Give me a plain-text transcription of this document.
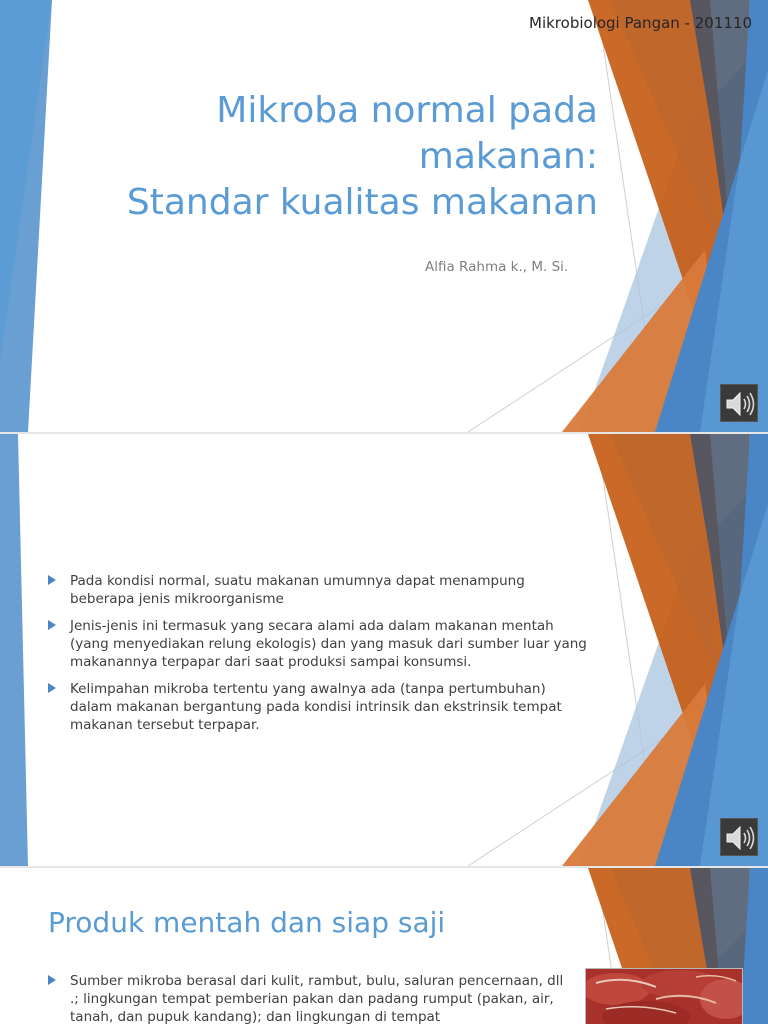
Mikrobiologi Pangan - 201110
Mikroba normal pada
makanan:
Standar kualitas makanan
Alfia Rahma k., M. Si.
Pada kondisi normal, suatu makanan umumnya dapat menampung beberapa jenis mikroorganisme
Jenis-jenis ini termasuk yang secara alami ada dalam makanan mentah (yang menyediakan relung ekologis) dan yang masuk dari sumber luar yang makanannya terpapar dari saat produksi sampai konsumsi.
Kelimpahan mikroba tertentu yang awalnya ada (tanpa pertumbuhan) dalam makanan bergantung pada kondisi intrinsik dan ekstrinsik tempat makanan tersebut terpapar.
Produk mentah dan siap saji
Sumber mikroba berasal dari kulit, rambut, bulu, saluran pencernaan, dll .; lingkungan tempat pemberian pakan dan padang rumput (pakan, air, tanah, dan pupuk kandang); dan lingkungan di tempat
